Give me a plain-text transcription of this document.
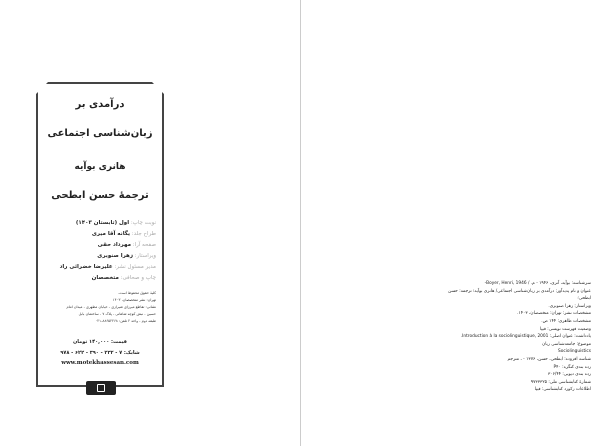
درآمدی بر
زبان‌شناسی اجتماعی
هانری بوآیه
ترجمهٔ حسن ابطحی
نوبت چاپ: اول (تابستان ۱۴۰۳)
طراح جلد: یگانه آقا میری
صفحه آرا: مهرداد حقی
ویراستار: زهرا صنوبری
مدیر مسئول نشر: علیرضا خضرائی راد
چاپ و صحافی: متخصصان
کلیهٔ حقوق محفوظ است.
تهران: نشر متخصصان، ۱۴۰۳
نشانی: تقاطع میرزای شیرازی - خیابان مطهری - میدان امام
حسین - نبش کوچه شاهانی - پلاک ۷ - ساختمان بابل
طبقه دوم - واحد ۲ تلفن: ۸۸۶۵۲۲۶۸-۰۲۱
قیمت: ۱۴۰,۰۰۰ تومان
شابک: ۷ - ۲۳۲ - ۳۹۰ - ۶۲۲ - ۹۷۸
www.motekhassesan.com
سرشناسه: بوآیه، آنری، ۱۹۴۶ - م. / Boyer, Henri, 1946-
عنوان و نام پدیدآور: درآمدی بر زبان‌شناسی اجتماعی/ هانری بوآیه؛ ترجمه: حسن ابطحی؛
ویراستار: زهرا صنوبری.
مشخصات نشر: تهران: متخصصان، ۱۴۰۳.
مشخصات ظاهری: ۱۴۴ ص.
وضعیت فهرست نویسی: فیپا
یادداشت: عنوان اصلی: Introduction à la sociolinguistique, 2001.
موضوع: جامعه‌شناسی زبان
Sociolinguistics
شناسه افزوده: ابطحی، حسن، ۱۳۷۶ - ، مترجم
رده بندی کنگره: P۴۰
رده بندی دیویی: ۳۰۶/۴۴
شمارهٔ کتابشناسی ملی: ۹۷۳۳۳۲۵
اطلاعات رکورد کتابشناسی: فیپا
